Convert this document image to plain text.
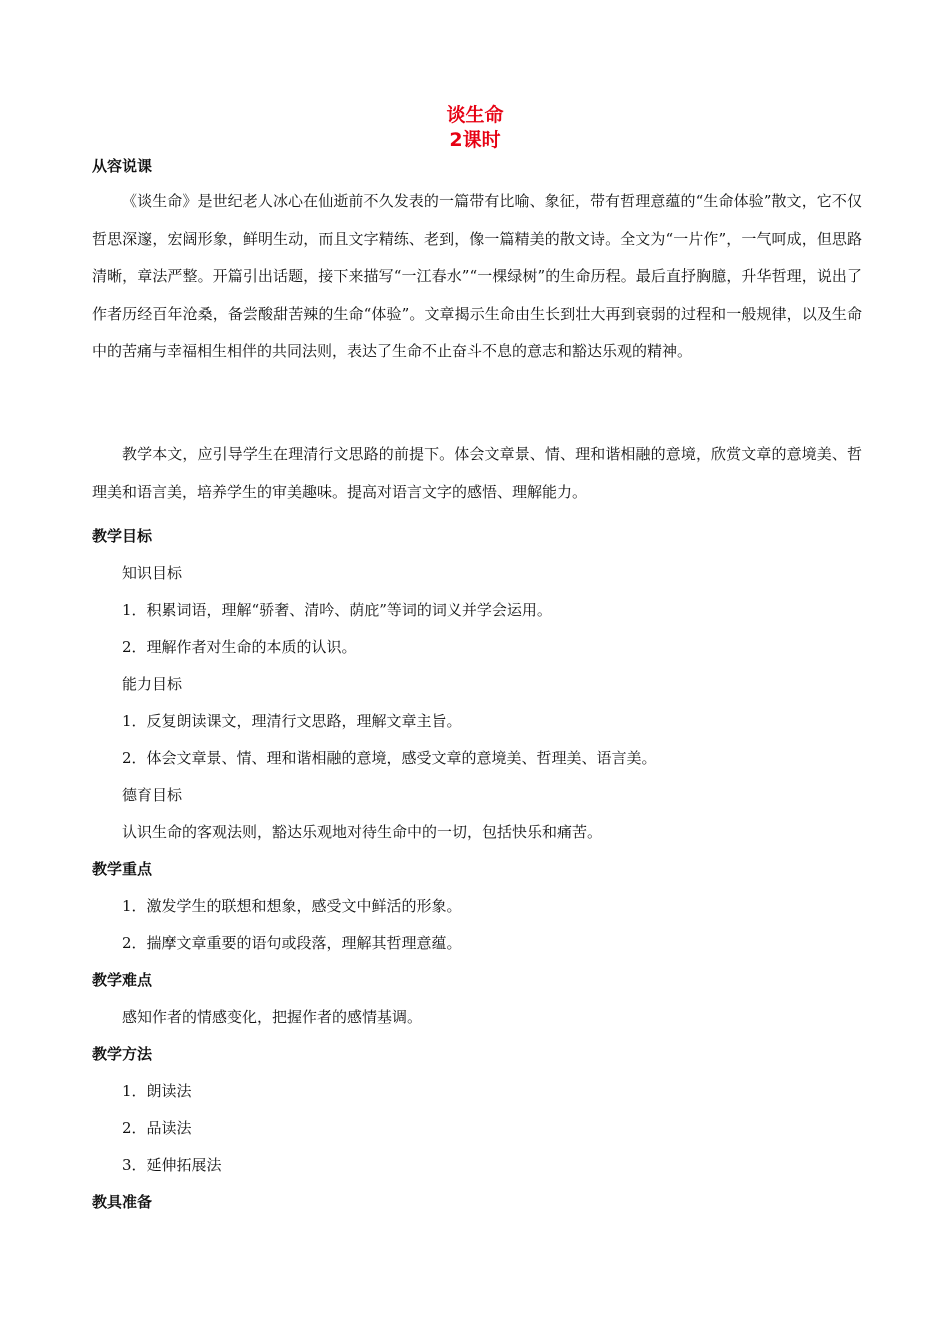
谈生命
2课时
从容说课

《谈生命》是世纪老人冰心在仙逝前不久发表的一篇带有比喻、象征，带有哲理意蕴的“生命体验”散文，它不仅哲思深邃，宏阔形象，鲜明生动，而且文字精练、老到，像一篇精美的散文诗。全文为“一片作”，一气呵成，但思路清晰，章法严整。开篇引出话题，接下来描写“一江春水”“一棵绿树”的生命历程。最后直抒胸臆，升华哲理，说出了作者历经百年沧桑，备尝酸甜苦辣的生命“体验”。文章揭示生命由生长到壮大再到衰弱的过程和一般规律，以及生命中的苦痛与幸福相生相伴的共同法则，表达了生命不止奋斗不息的意志和豁达乐观的精神。

教学本文，应引导学生在理清行文思路的前提下。体会文章景、情、理和谐相融的意境，欣赏文章的意境美、哲理美和语言美，培养学生的审美趣味。提高对语言文字的感悟、理解能力。

教学目标
知识目标
1．积累词语，理解“骄奢、清吟、荫庇”等词的词义并学会运用。
2．理解作者对生命的本质的认识。
能力目标
1．反复朗读课文，理清行文思路，理解文章主旨。
2．体会文章景、情、理和谐相融的意境，感受文章的意境美、哲理美、语言美。
德育目标
认识生命的客观法则，豁达乐观地对待生命中的一切，包括快乐和痛苦。
教学重点
1．激发学生的联想和想象，感受文中鲜活的形象。
2．揣摩文章重要的语句或段落，理解其哲理意蕴。
教学难点
感知作者的情感变化，把握作者的感情基调。
教学方法
1．朗读法
2．品读法
3．延伸拓展法
教具准备
